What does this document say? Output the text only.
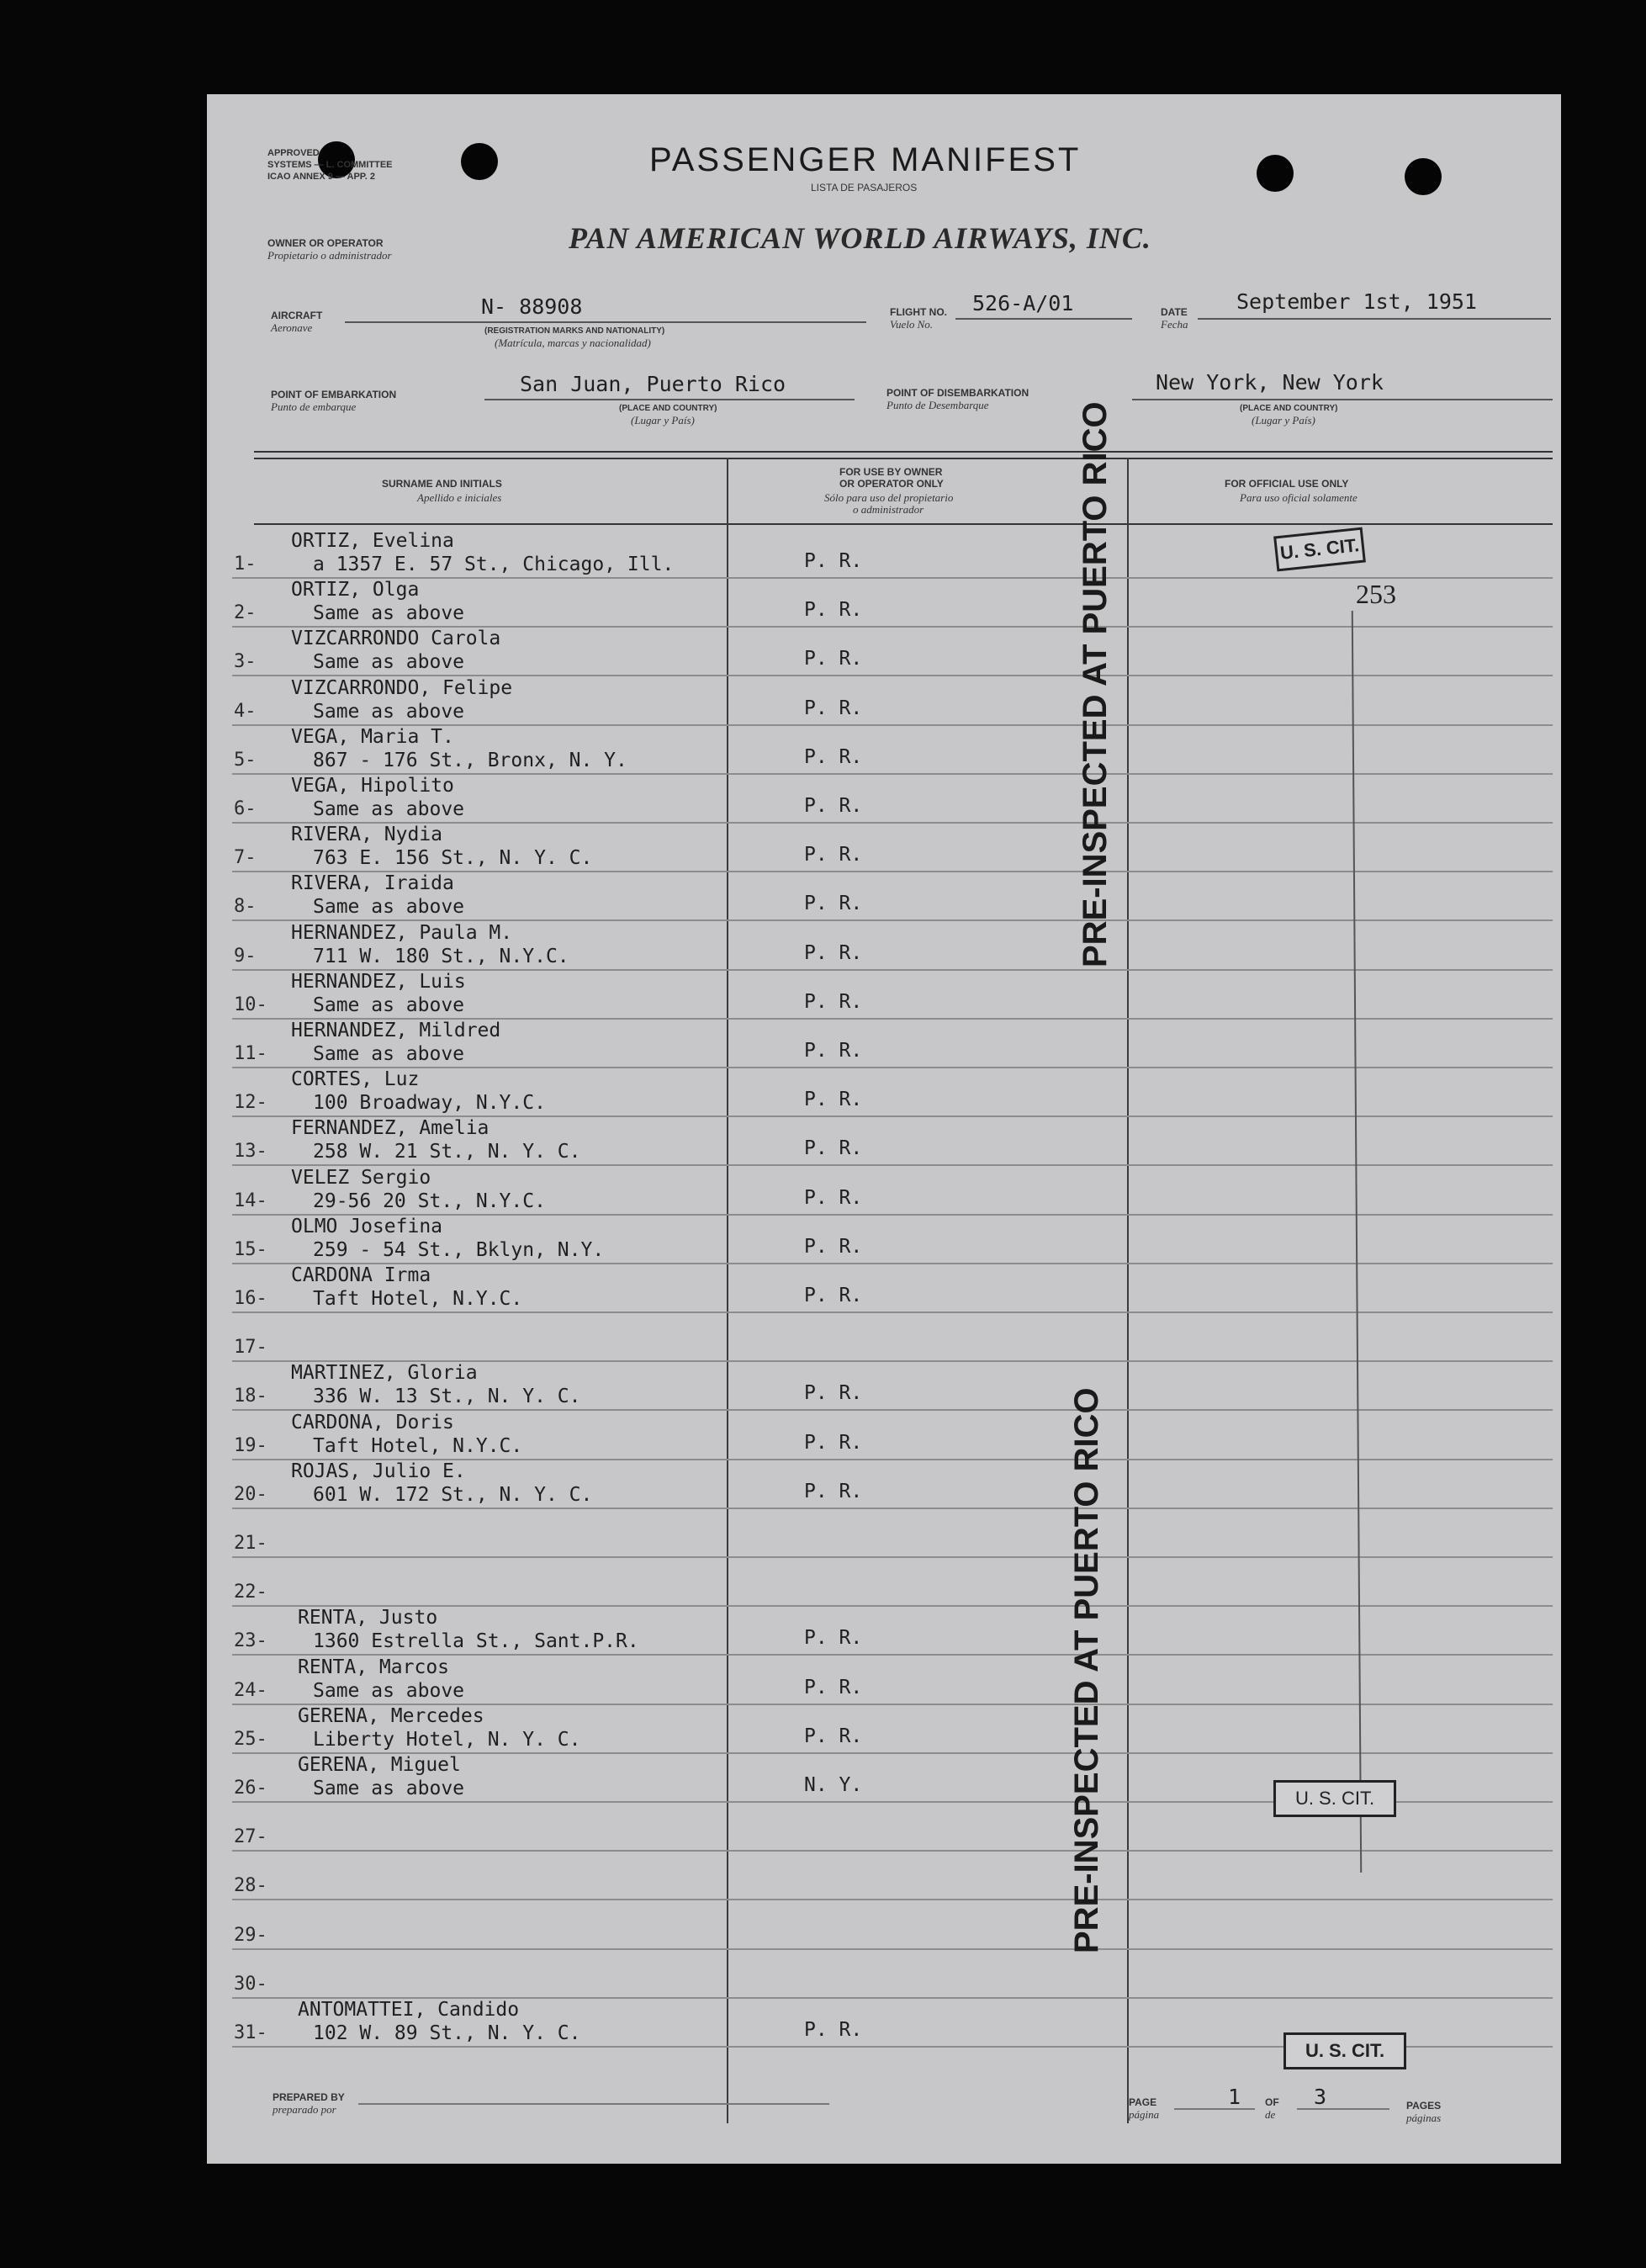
APPROVED
SYSTEMS — L. COMMITTEE
ICAO ANNEX 9 — APP. 2	PASSENGER MANIFEST
LISTA DE PASAJEROS
OWNER OR OPERATOR
Propietario o administrador
PAN AMERICAN WORLD AIRWAYS, INC.
AIRCRAFT
Aeronave
N- 88908
(REGISTRATION MARKS AND NATIONALITY)
(Matrícula, marcas y nacionalidad)
FLIGHT NO.
Vuelo No.
526-A/01	DATE
Fecha
September 1st, 1951
POINT OF EMBARKATION
Punto de embarque
San Juan, Puerto Rico
(PLACE AND COUNTRY)
(Lugar y País)
POINT OF DISEMBARKATION
Punto de Desembarque
New York, New York
(PLACE AND COUNTRY)
(Lugar y País)
SURNAME AND INITIALS
Apellido e iniciales
FOR USE BY OWNER
OR OPERATOR ONLY
Sólo para uso del propietario
o administrador
FOR OFFICIAL USE ONLY
Para uso oficial solamente
ORTIZ, Evelina
1-	a 1357 E. 57 St., Chicago, Ill.	P. R.
ORTIZ, Olga
2-	Same as above	P. R.
VIZCARRONDO Carola
3-	Same as above	P. R.
VIZCARRONDO, Felipe
4-	Same as above	P. R.
VEGA, Maria T.
5-	867 - 176 St., Bronx, N. Y.	P. R.
VEGA, Hipolito
6-	Same as above	P. R.
RIVERA, Nydia
7-	763 E. 156 St., N. Y. C.	P. R.
RIVERA, Iraida
8-	Same as above	P. R.
HERNANDEZ, Paula M.
9-	711 W. 180 St., N.Y.C.	P. R.
HERNANDEZ, Luis
10- Same as above	P. R.
HERNANDEZ, Mildred
11- Same as above	P. R.
CORTES, Luz
12- 100 Broadway, N.Y.C.	P. R.
FERNANDEZ, Amelia
13- 258 W. 21 St., N. Y. C.	P. R.
VELEZ Sergio
14- 29-56 20 St., N.Y.C.	P. R.
OLMO Josefina
15- 259 - 54 St., Bklyn, N.Y.	P. R.
CARDONA Irma
16- Taft Hotel, N.Y.C.	P. R.
17-
MARTINEZ, Gloria
18- 336 W. 13 St., N. Y. C.	P. R.
CARDONA, Doris
19- Taft Hotel, N.Y.C.	P. R.
ROJAS, Julio E.
20- 601 W. 172 St., N. Y. C.	P. R.
21-
22-
RENTA, Justo
23- 1360 Estrella St., Sant.P.R.	P. R.
RENTA, Marcos
24- Same as above	P. R.
GERENA, Mercedes
25- Liberty Hotel, N. Y. C.	P. R.
GERENA, Miguel
26- Same as above	N. Y.
27-
28-
29-
30-
ANTOMATTEI, Candido
31- 102 W. 89 St., N. Y. C.	P. R.
PRE-INSPECTED AT PUERTO RICO
PRE-INSPECTED AT PUERTO RICO
U. S. CIT.
253
U. S. CIT.
U. S. CIT.
PREPARED BY
preparado por
PAGE
página
1 OF
de
3	PAGES
páginas
